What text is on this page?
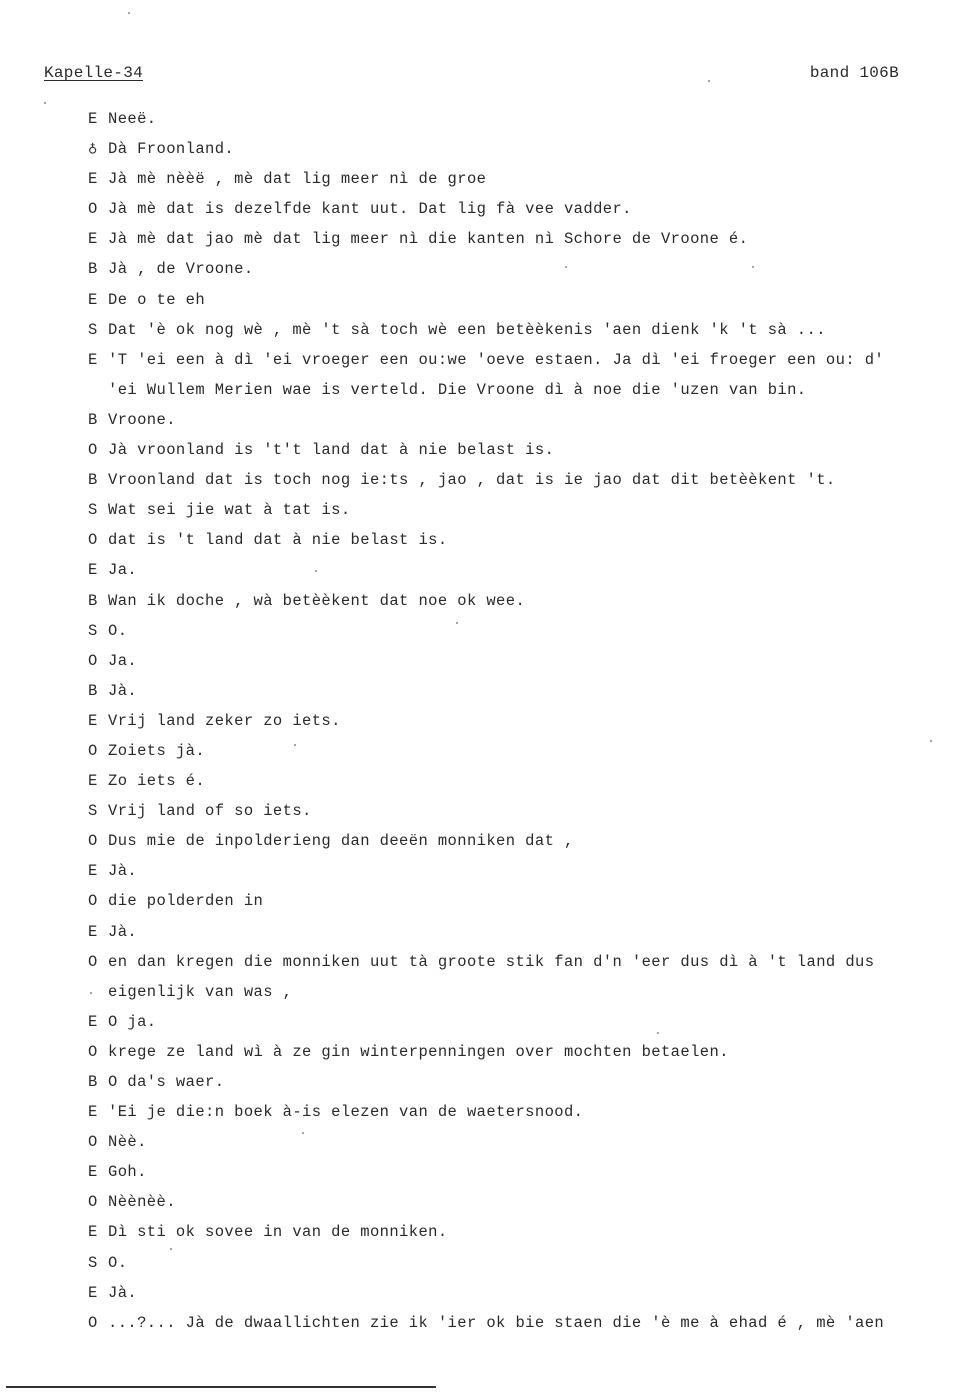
Kapelle-34	band 106B
E Neeë.
♁ Dà Froonland.
E Jà mè nèèë , mè dat lig meer nì de groe
O Jà mè dat is dezelfde kant uut. Dat lig fà vee vadder.
E Jà mè dat jao mè dat lig meer nì die kanten nì Schore de Vroone é.
B Jà , de Vroone.
E De o te eh
S Dat 'è ok nog wè , mè 't sà toch wè een betèèkenis 'aen dienk 'k 't sà ...
E 'T 'ei een à dì 'ei vroeger een ou:we 'oeve estaen. Ja dì 'ei froeger een ou: d'
'ei Wullem Merien wae is verteld. Die Vroone dì à noe die 'uzen van bin.
B Vroone.
O Jà vroonland is 't't land dat à nie belast is.
B Vroonland dat is toch nog ie:ts , jao , dat is ie jao dat dit betèèkent 't.
S Wat sei jie wat à tat is.
O dat is 't land dat à nie belast is.
E Ja.
B Wan ik doche , wà betèèkent dat noe ok wee.
S O.
O Ja.
B Jà.
E Vrij land zeker zo iets.
O Zoiets jà.
E Zo iets é.
S Vrij land of so iets.
O Dus mie de inpolderieng dan deeën monniken dat ,
E Jà.
O die polderden in
E Jà.
O en dan kregen die monniken uut tà groote stik fan d'n 'eer dus dì à 't land dus
eigenlijk van was ,
E O ja.
O krege ze land wì à ze gin winterpenningen over mochten betaelen.
B O da's waer.
E 'Ei je die:n boek à-is elezen van de waetersnood.
O Nèè.
E Goh.
O Nèènèè.
E Dì sti ok sovee in van de monniken.
S O.
E Jà.
O ...?... Jà de dwaallichten zie ik 'ier ok bie staen die 'è me à ehad é , mè 'aen
